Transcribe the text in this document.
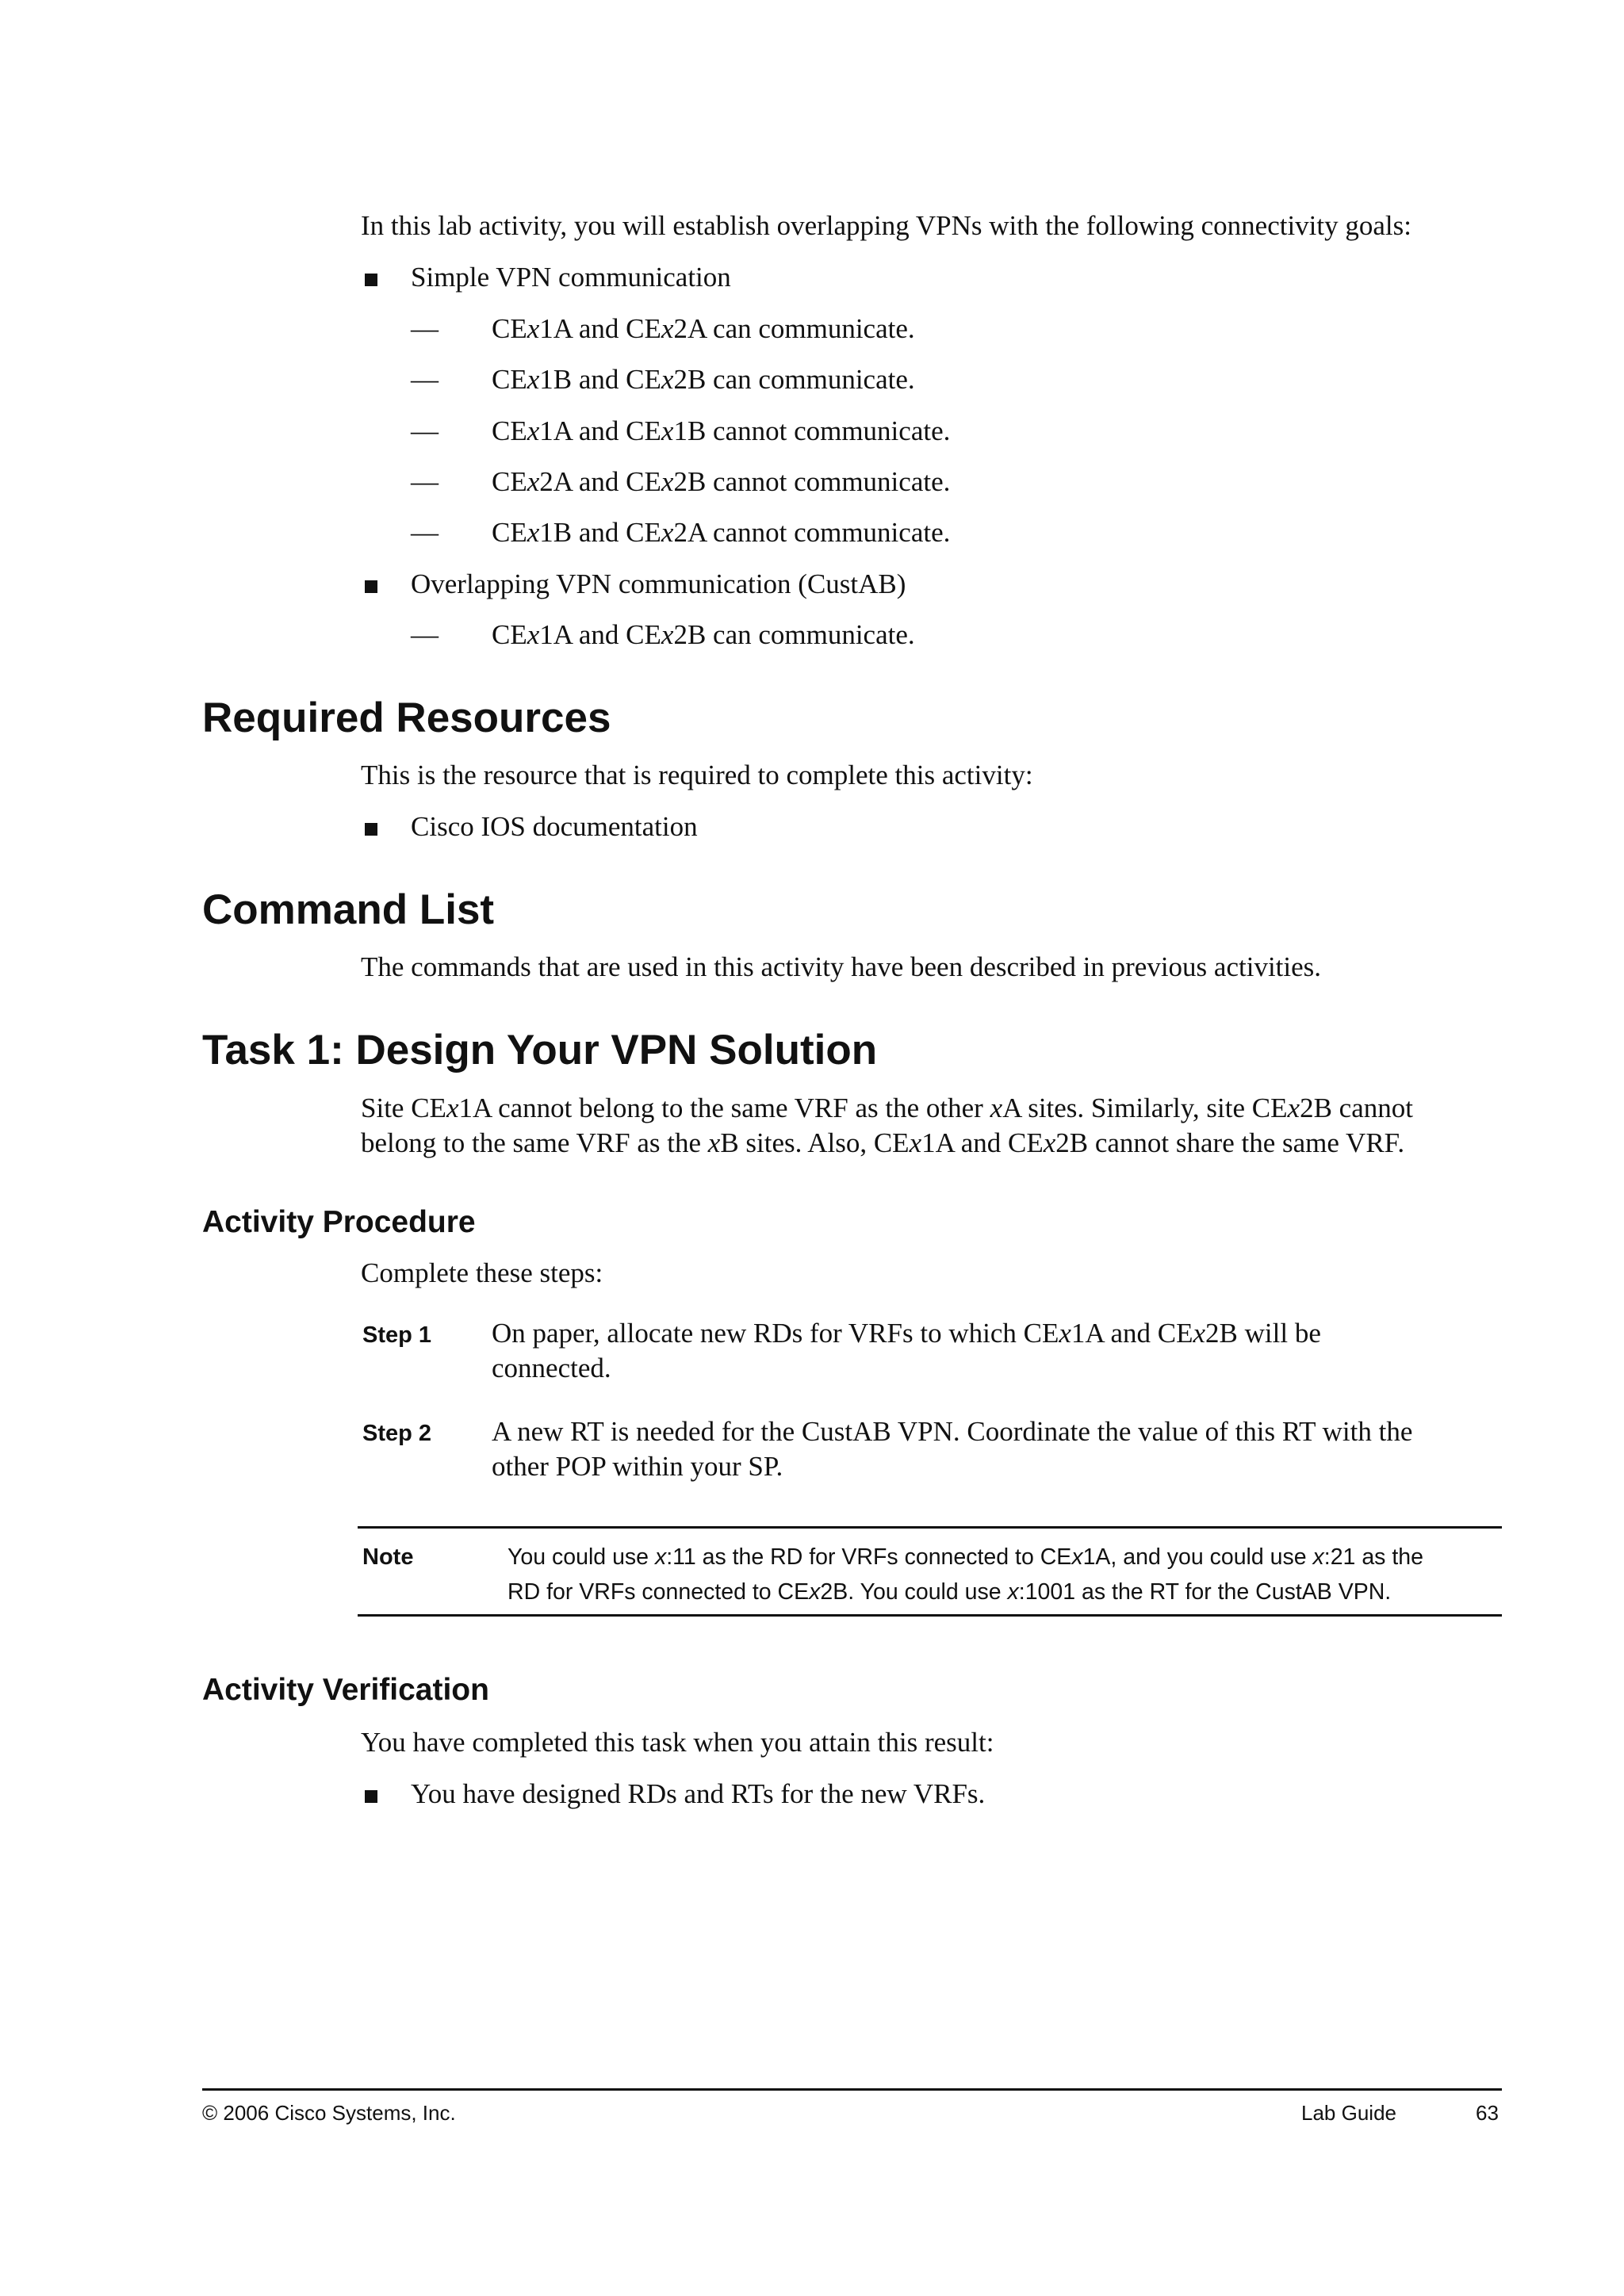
In this lab activity, you will establish overlapping VPNs with the following connectivity goals:
Simple VPN communication
— CEx1A and CEx2A can communicate.
— CEx1B and CEx2B can communicate.
— CEx1A and CEx1B cannot communicate.
— CEx2A and CEx2B cannot communicate.
— CEx1B and CEx2A cannot communicate.
Overlapping VPN communication (CustAB)
— CEx1A and CEx2B can communicate.
Required Resources
This is the resource that is required to complete this activity:
Cisco IOS documentation
Command List
The commands that are used in this activity have been described in previous activities.
Task 1: Design Your VPN Solution
Site CEx1A cannot belong to the same VRF as the other xA sites. Similarly, site CEx2B cannot
belong to the same VRF as the xB sites. Also, CEx1A and CEx2B cannot share the same VRF.
Activity Procedure
Complete these steps:
Step 1 On paper, allocate new RDs for VRFs to which CEx1A and CEx2B will be
connected.
Step 2 A new RT is needed for the CustAB VPN. Coordinate the value of this RT with the
other POP within your SP.
Note	You could use x:11 as the RD for VRFs connected to CEx1A, and you could use x:21 as the
RD for VRFs connected to CEx2B. You could use x:1001 as the RT for the CustAB VPN.
Activity Verification
You have completed this task when you attain this result:
You have designed RDs and RTs for the new VRFs.
© 2006 Cisco Systems, Inc.	Lab Guide	63
